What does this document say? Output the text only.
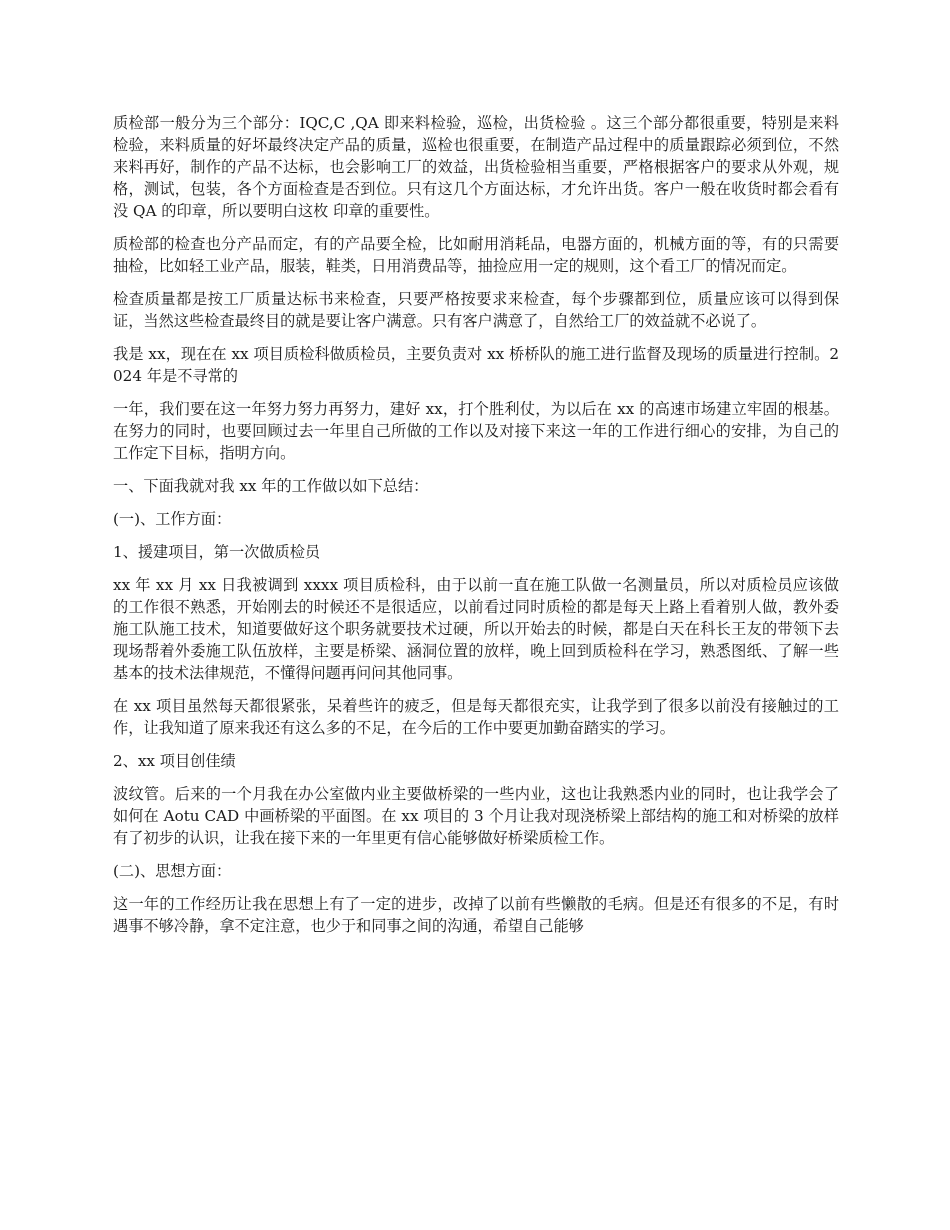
质检部一般分为三个部分：IQC,C ,QA 即来料检验，巡检，出货检验 。这三个部分都很重要，特别是来料检验，来料质量的好坏最终决定产品的质量，巡检也很重要，在制造产品过程中的质量跟踪必须到位，不然来料再好，制作的产品不达标，也会影响工厂的效益，出货检验相当重要，严格根据客户的要求从外观，规格，测试，包装，各个方面检查是否到位。只有这几个方面达标，才允许出货。客户一般在收货时都会看有没 QA 的印章，所以要明白这枚 印章的重要性。

质检部的检查也分产品而定，有的产品要全检，比如耐用消耗品，电器方面的，机械方面的等，有的只需要抽检，比如轻工业产品，服装，鞋类，日用消费品等，抽捡应用一定的规则，这个看工厂的情况而定。

检查质量都是按工厂质量达标书来检查，只要严格按要求来检查，每个步骤都到位，质量应该可以得到保证，当然这些检查最终目的就是要让客户满意。只有客户满意了，自然给工厂的效益就不必说了。

我是 xx，现在在 xx 项目质检科做质检员，主要负责对 xx 桥桥队的施工进行监督及现场的质量进行控制。2024 年是不寻常的

一年，我们要在这一年努力努力再努力，建好 xx，打个胜利仗，为以后在 xx 的高速市场建立牢固的根基。在努力的同时，也要回顾过去一年里自己所做的工作以及对接下来这一年的工作进行细心的安排，为自己的工作定下目标，指明方向。

一、下面我就对我 xx 年的工作做以如下总结：

(一)、工作方面：

1、援建项目，第一次做质检员

xx 年 xx 月 xx 日我被调到 xxxx 项目质检科，由于以前一直在施工队做一名测量员，所以对质检员应该做的工作很不熟悉，开始刚去的时候还不是很适应，以前看过同时质检的都是每天上路上看着别人做，教外委施工队施工技术，知道要做好这个职务就要技术过硬，所以开始去的时候，都是白天在科长王友的带领下去现场帮着外委施工队伍放样，主要是桥梁、涵洞位置的放样，晚上回到质检科在学习，熟悉图纸、了解一些基本的技术法律规范，不懂得问题再问问其他同事。

在 xx 项目虽然每天都很紧张，呆着些许的疲乏，但是每天都很充实，让我学到了很多以前没有接触过的工作，让我知道了原来我还有这么多的不足，在今后的工作中要更加勤奋踏实的学习。

2、xx 项目创佳绩

波纹管。后来的一个月我在办公室做内业主要做桥梁的一些内业，这也让我熟悉内业的同时，也让我学会了如何在 Aotu CAD 中画桥梁的平面图。在 xx 项目的 3 个月让我对现浇桥梁上部结构的施工和对桥梁的放样有了初步的认识，让我在接下来的一年里更有信心能够做好桥梁质检工作。

(二)、思想方面：

这一年的工作经历让我在思想上有了一定的进步，改掉了以前有些懒散的毛病。但是还有很多的不足，有时遇事不够冷静，拿不定注意，也少于和同事之间的沟通，希望自己能够
